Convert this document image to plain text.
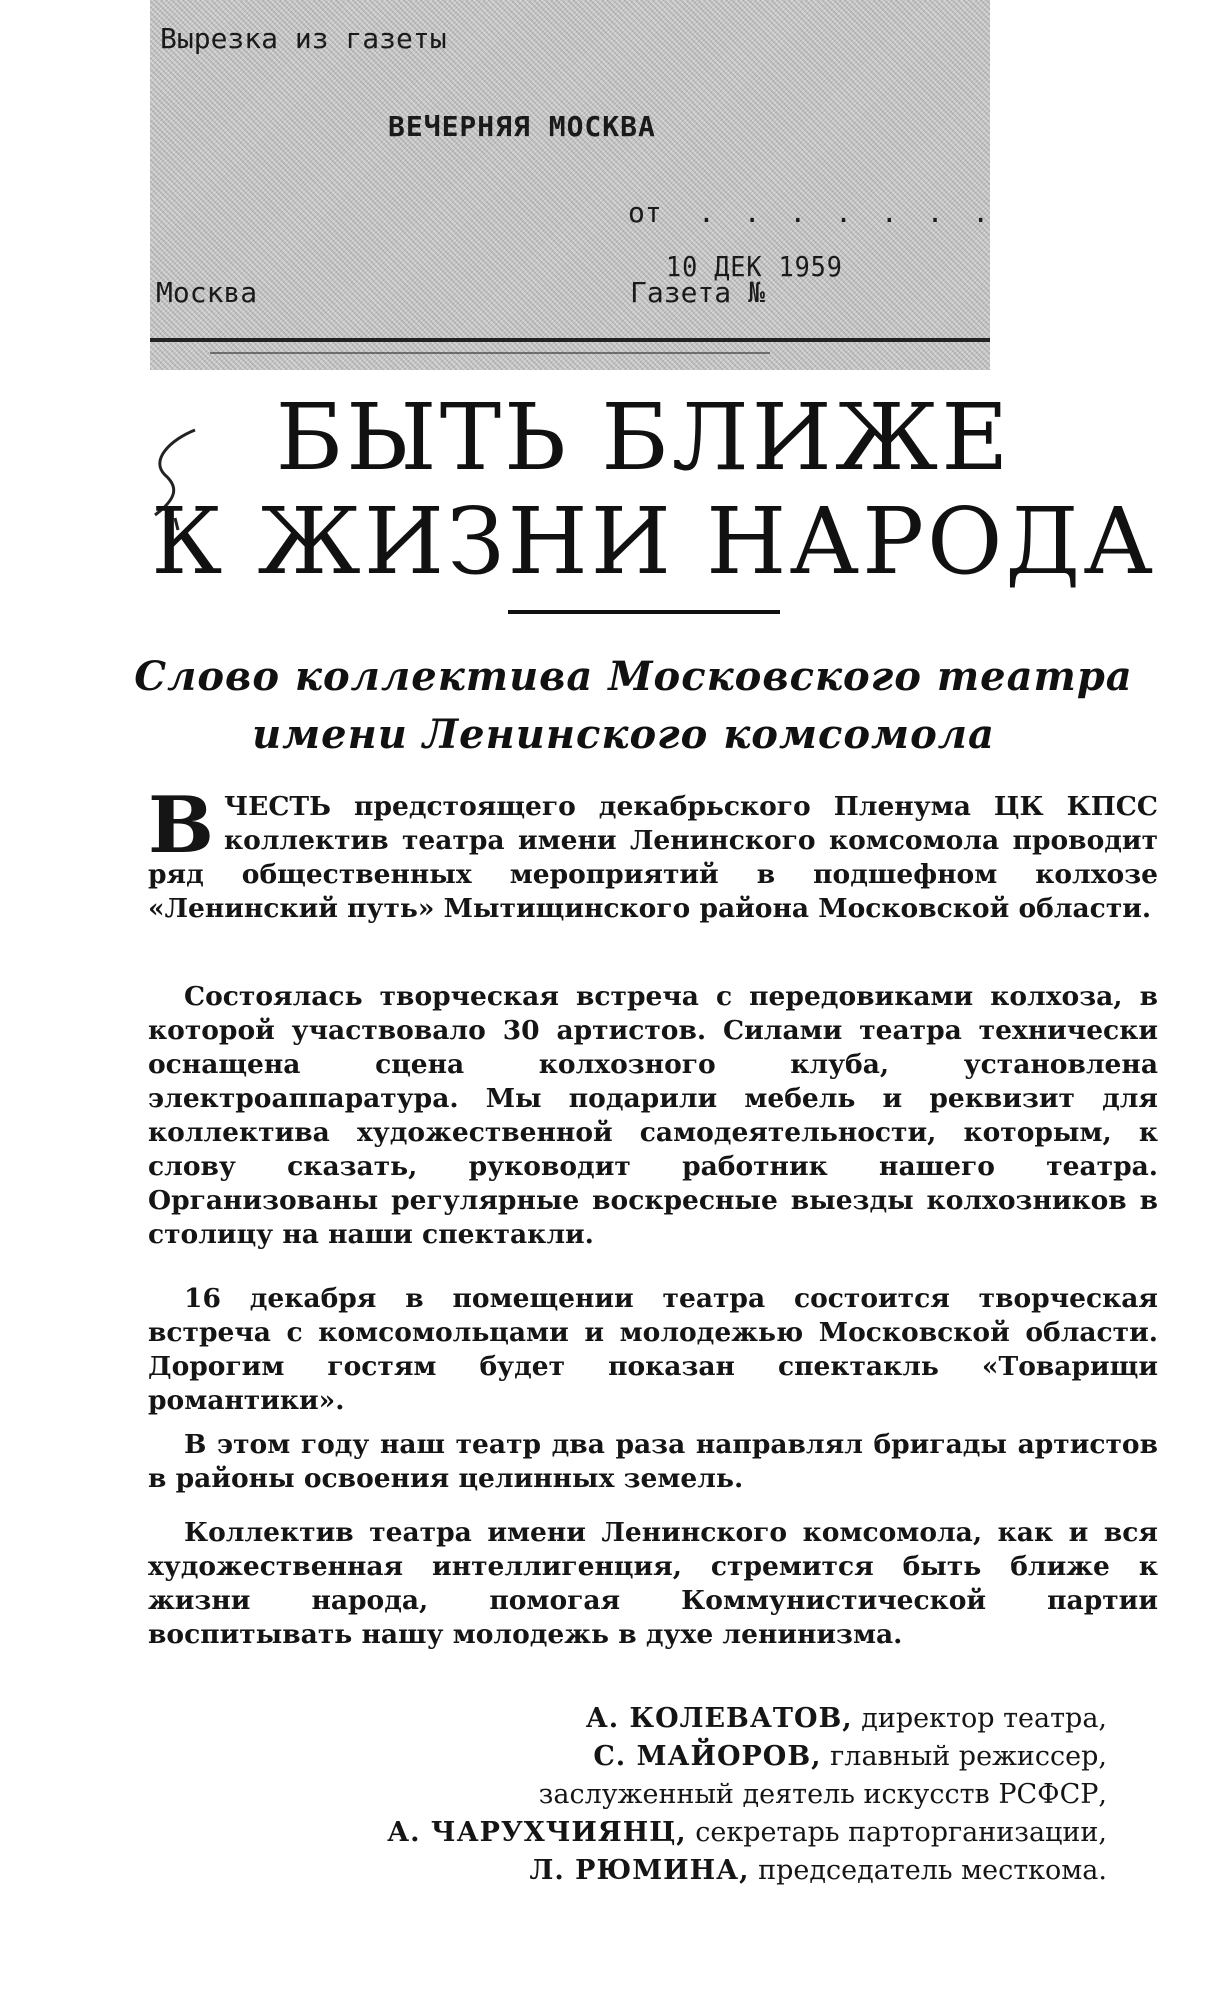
Вырезка из газеты
ВЕЧЕРНЯЯ МОСКВА
от . . . . . . .
Москва	Газета №
10 ДЕК 1959
БЫТЬ БЛИЖЕ
К ЖИЗНИ НАРОДА
Слово коллектива Московского театра
имени Ленинского комсомола
В ЧЕСТЬ предстоящего декабрьского Пленума ЦК КПСС коллектив театра имени Ленинского комсомола проводит ряд общественных мероприятий в подшефном колхозе «Ленинский путь» Мытищинского района Московской области.
Состоялась творческая встреча с передовиками колхоза, в которой участвовало 30 артистов. Силами театра технически оснащена сцена колхозного клуба, установлена электроаппаратура. Мы подарили мебель и реквизит для коллектива художественной самодеятельности, которым, к слову сказать, руководит работник нашего театра. Организованы регулярные воскресные выезды колхозников в столицу на наши спектакли.
16 декабря в помещении театра состоится творческая встреча с комсомольцами и молодежью Московской области. Дорогим гостям будет показан спектакль «Товарищи романтики».
В этом году наш театр два раза направлял бригады артистов в районы освоения целинных земель.
Коллектив театра имени Ленинского комсомола, как и вся художественная интеллигенция, стремится быть ближе к жизни народа, помогая Коммунистической партии воспитывать нашу молодежь в духе ленинизма.
А. КОЛЕВАТОВ, директор театра,
С. МАЙОРОВ, главный режиссер,
заслуженный деятель искусств РСФСР,
А. ЧАРУХЧИЯНЦ, секретарь парторганизации,
Л. РЮМИНА, председатель месткома.
